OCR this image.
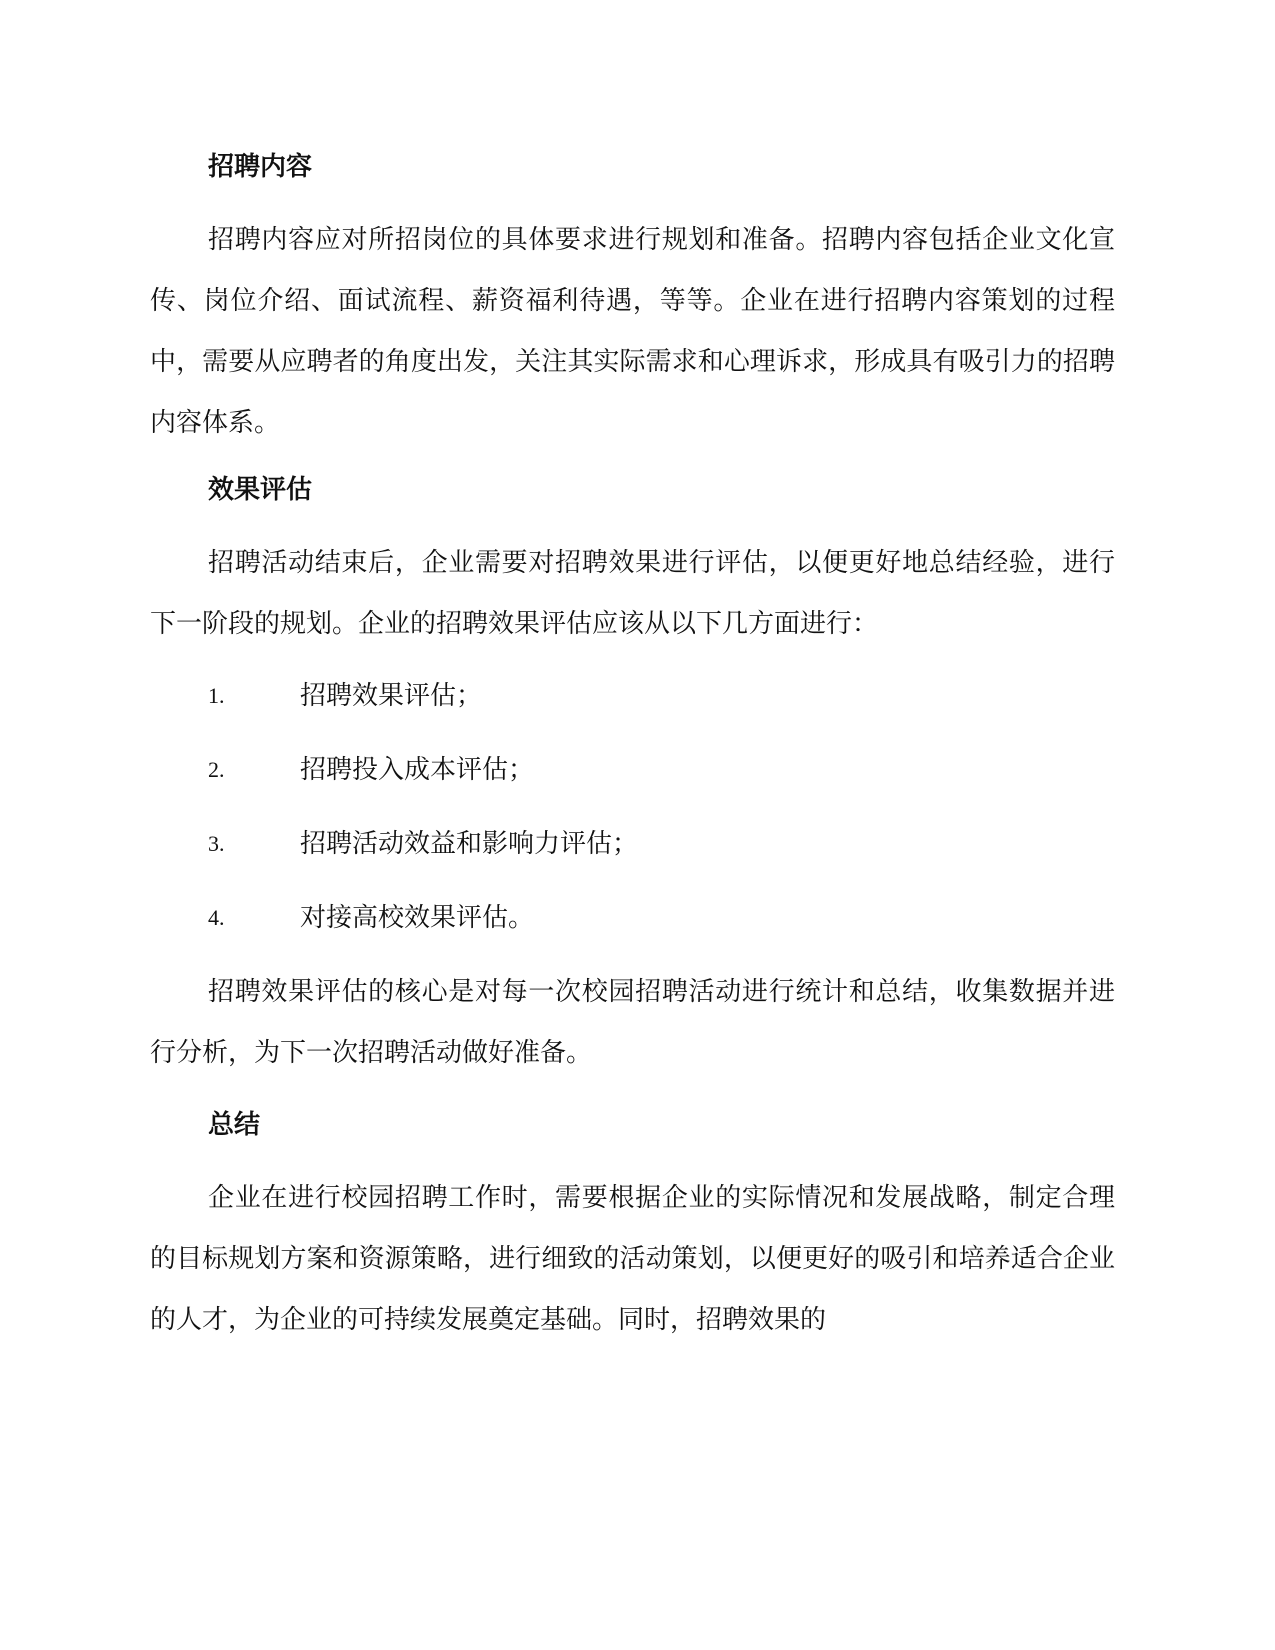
招聘内容

招聘内容应对所招岗位的具体要求进行规划和准备。招聘内容包括企业文化宣传、岗位介绍、面试流程、薪资福利待遇，等等。企业在进行招聘内容策划的过程中，需要从应聘者的角度出发，关注其实际需求和心理诉求，形成具有吸引力的招聘内容体系。

效果评估

招聘活动结束后，企业需要对招聘效果进行评估，以便更好地总结经验，进行下一阶段的规划。企业的招聘效果评估应该从以下几方面进行：

1.	招聘效果评估；
2.	招聘投入成本评估；
3.	招聘活动效益和影响力评估；
4.	对接高校效果评估。

招聘效果评估的核心是对每一次校园招聘活动进行统计和总结，收集数据并进行分析，为下一次招聘活动做好准备。

总结

企业在进行校园招聘工作时，需要根据企业的实际情况和发展战略，制定合理的目标规划方案和资源策略，进行细致的活动策划，以便更好的吸引和培养适合企业的人才，为企业的可持续发展奠定基础。同时，招聘效果的
